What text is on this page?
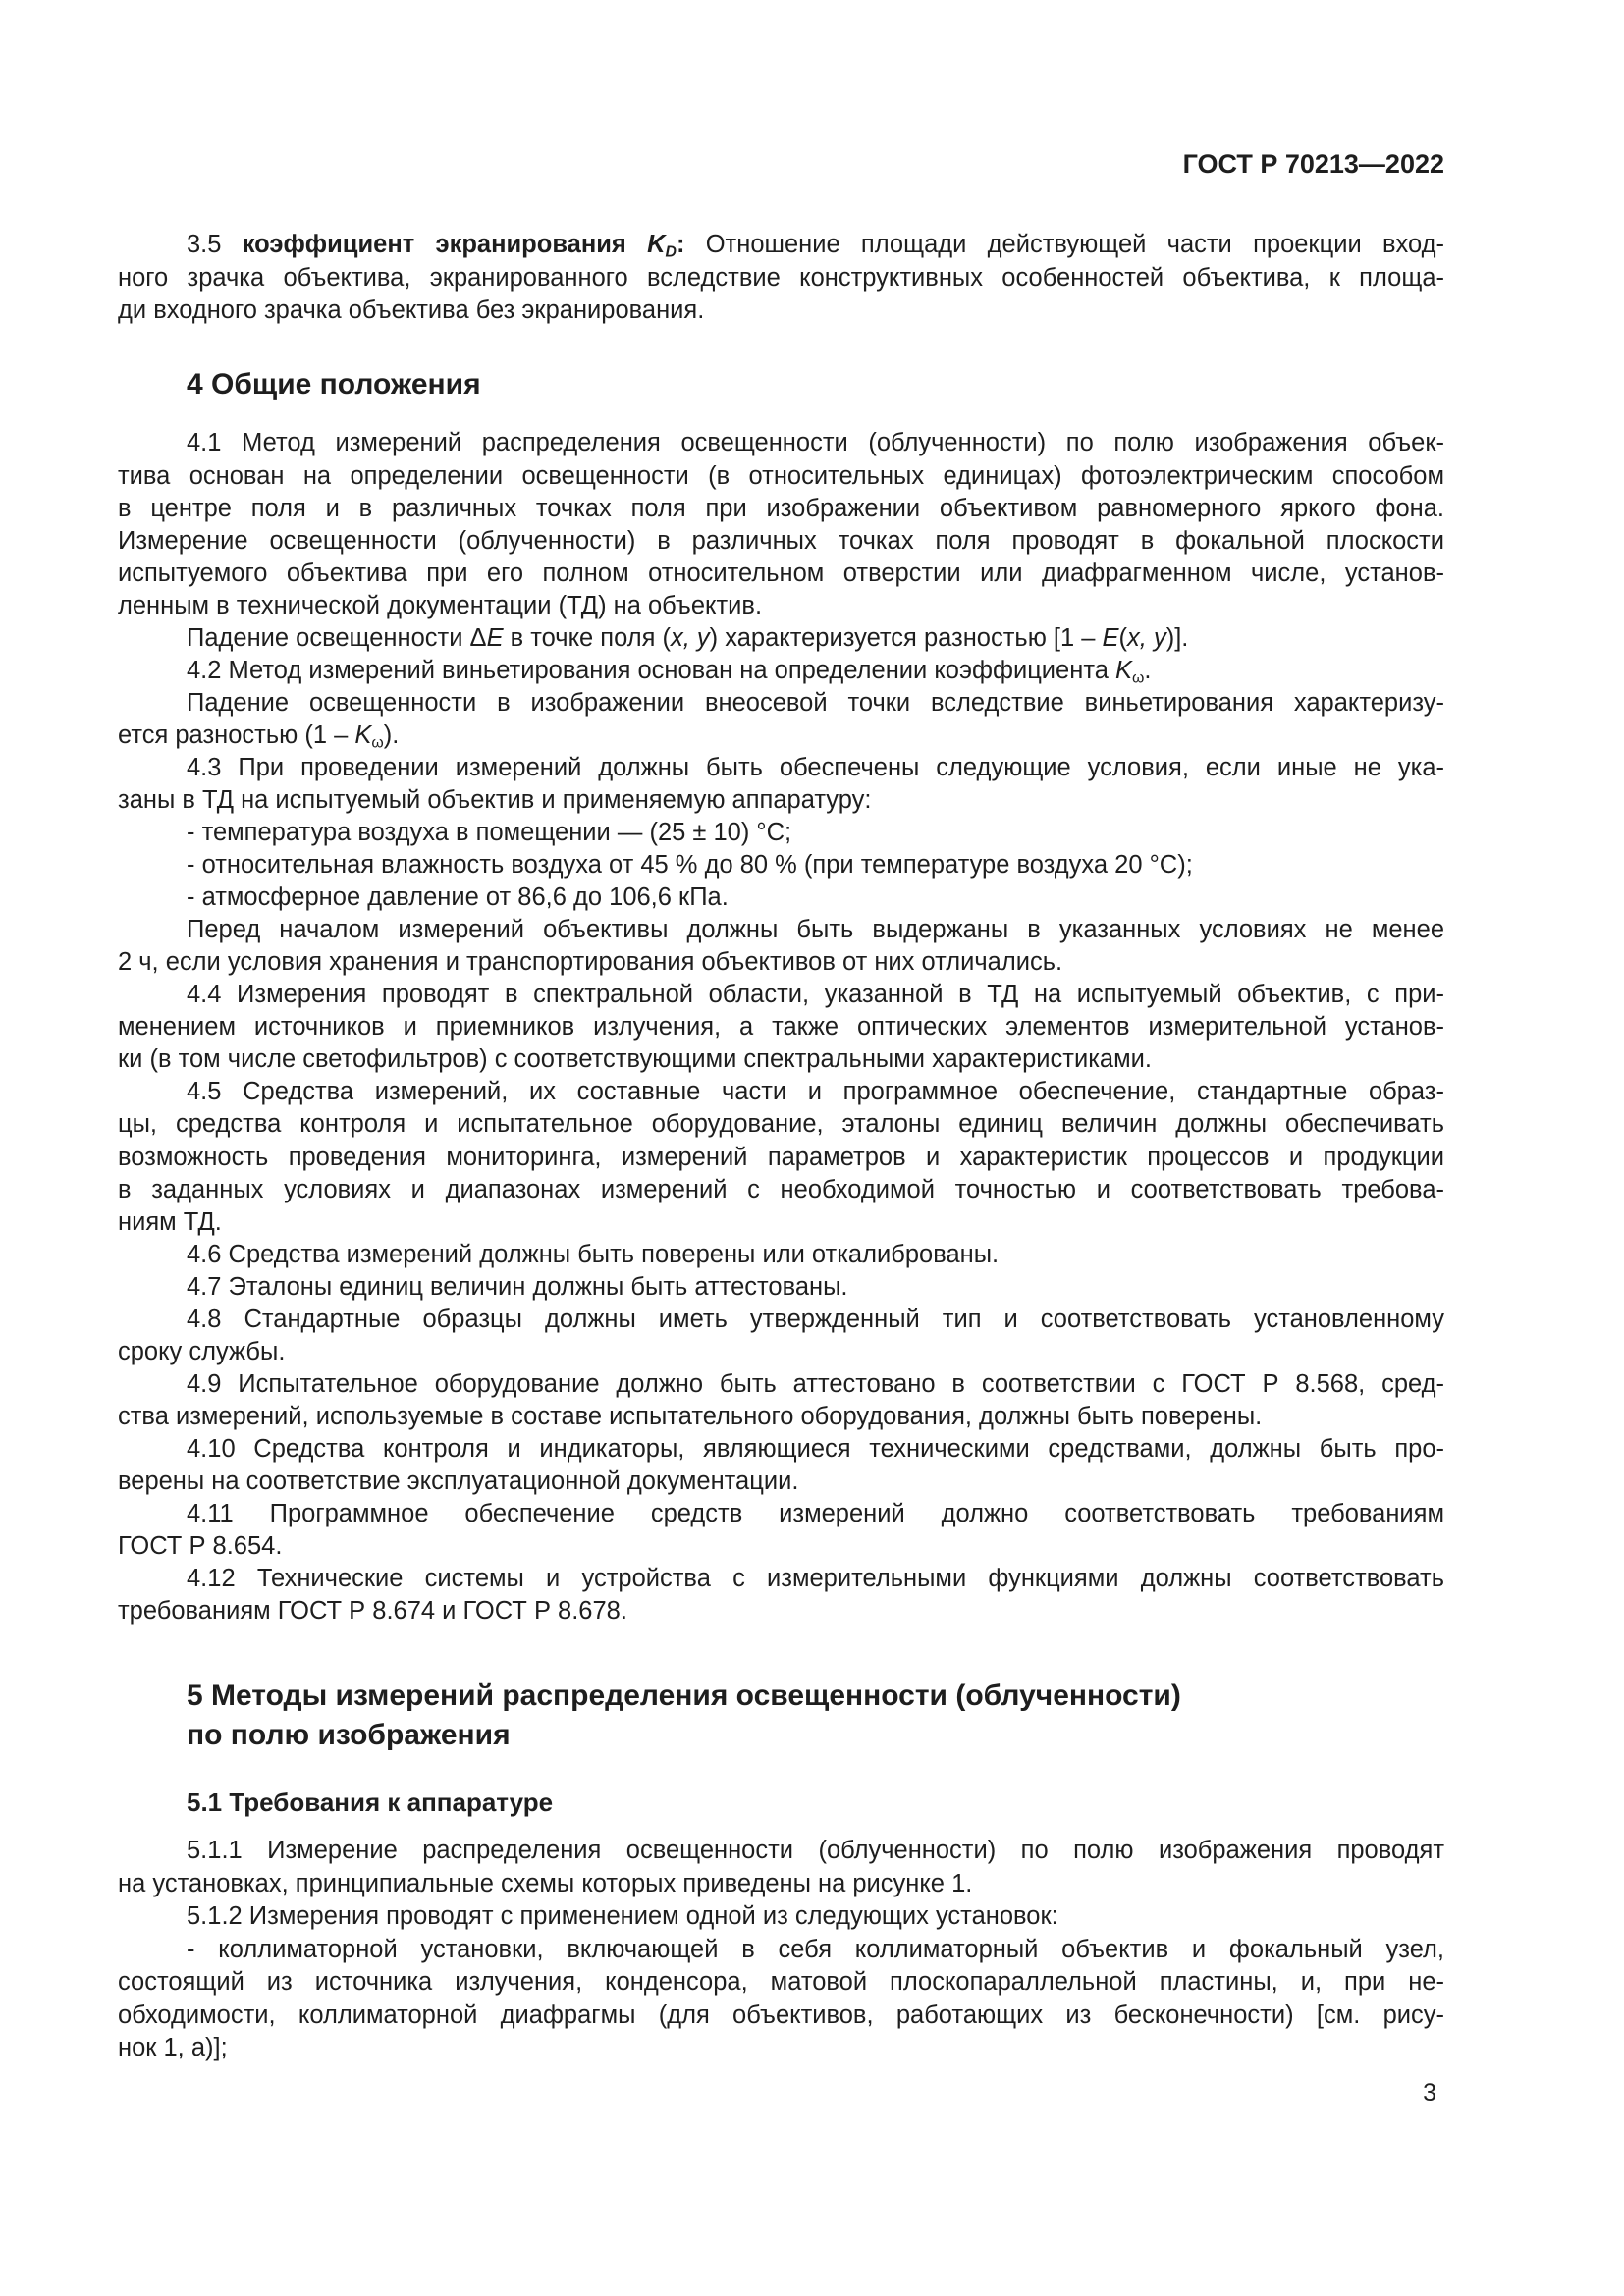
ГОСТ Р 70213—2022
3.5 коэффициент экранирования KD: Отношение площади действующей части проекции вход-
ного зрачка объектива, экранированного вследствие конструктивных особенностей объектива, к площа-
ди входного зрачка объектива без экранирования.
4 Общие положения
4.1 Метод измерений распределения освещенности (облученности) по полю изображения объек-
тива основан на определении освещенности (в относительных единицах) фотоэлектрическим способом
в центре поля и в различных точках поля при изображении объективом равномерного яркого фона.
Измерение освещенности (облученности) в различных точках поля проводят в фокальной плоскости
испытуемого объектива при его полном относительном отверстии или диафрагменном числе, установ-
ленным в технической документации (ТД) на объектив.
Падение освещенности ΔE в точке поля (x, y) характеризуется разностью [1 – E(x, y)].
4.2 Метод измерений виньетирования основан на определении коэффициента $K_\omega$.
Падение освещенности в изображении внеосевой точки вследствие виньетирования характеризу-
ется разностью $(1 - K_\omega)$.
4.3 При проведении измерений должны быть обеспечены следующие условия, если иные не ука-
заны в ТД на испытуемый объектив и применяемую аппаратуру:
- температура воздуха в помещении — (25 ± 10) °С;
- относительная влажность воздуха от 45 % до 80 % (при температуре воздуха 20 °С);
- атмосферное давление от 86,6 до 106,6 кПа.
Перед началом измерений объективы должны быть выдержаны в указанных условиях не менее
2 ч, если условия хранения и транспортирования объективов от них отличались.
4.4 Измерения проводят в спектральной области, указанной в ТД на испытуемый объектив, с при-
менением источников и приемников излучения, а также оптических элементов измерительной установ-
ки (в том числе светофильтров) с соответствующими спектральными характеристиками.
4.5 Средства измерений, их составные части и программное обеспечение, стандартные образ-
цы, средства контроля и испытательное оборудование, эталоны единиц величин должны обеспечивать
возможность проведения мониторинга, измерений параметров и характеристик процессов и продукции
в заданных условиях и диапазонах измерений с необходимой точностью и соответствовать требова-
ниям ТД.
4.6 Средства измерений должны быть поверены или откалиброваны.
4.7 Эталоны единиц величин должны быть аттестованы.
4.8 Стандартные образцы должны иметь утвержденный тип и соответствовать установленному
сроку службы.
4.9 Испытательное оборудование должно быть аттестовано в соответствии с ГОСТ Р 8.568, сред-
ства измерений, используемые в составе испытательного оборудования, должны быть поверены.
4.10 Средства контроля и индикаторы, являющиеся техническими средствами, должны быть про-
верены на соответствие эксплуатационной документации.
4.11 Программное обеспечение средств измерений должно соответствовать требованиям
ГОСТ Р 8.654.
4.12 Технические системы и устройства с измерительными функциями должны соответствовать
требованиям ГОСТ Р 8.674 и ГОСТ Р 8.678.
5 Методы измерений распределения освещенности (облученности)
по полю изображения
5.1 Требования к аппаратуре
5.1.1 Измерение распределения освещенности (облученности) по полю изображения проводят
на установках, принципиальные схемы которых приведены на рисунке 1.
5.1.2 Измерения проводят с применением одной из следующих установок:
- коллиматорной установки, включающей в себя коллиматорный объектив и фокальный узел,
состоящий из источника излучения, конденсора, матовой плоскопараллельной пластины, и, при не-
обходимости, коллиматорной диафрагмы (для объективов, работающих из бесконечности) [см. рису-
нок 1, а)];
3
